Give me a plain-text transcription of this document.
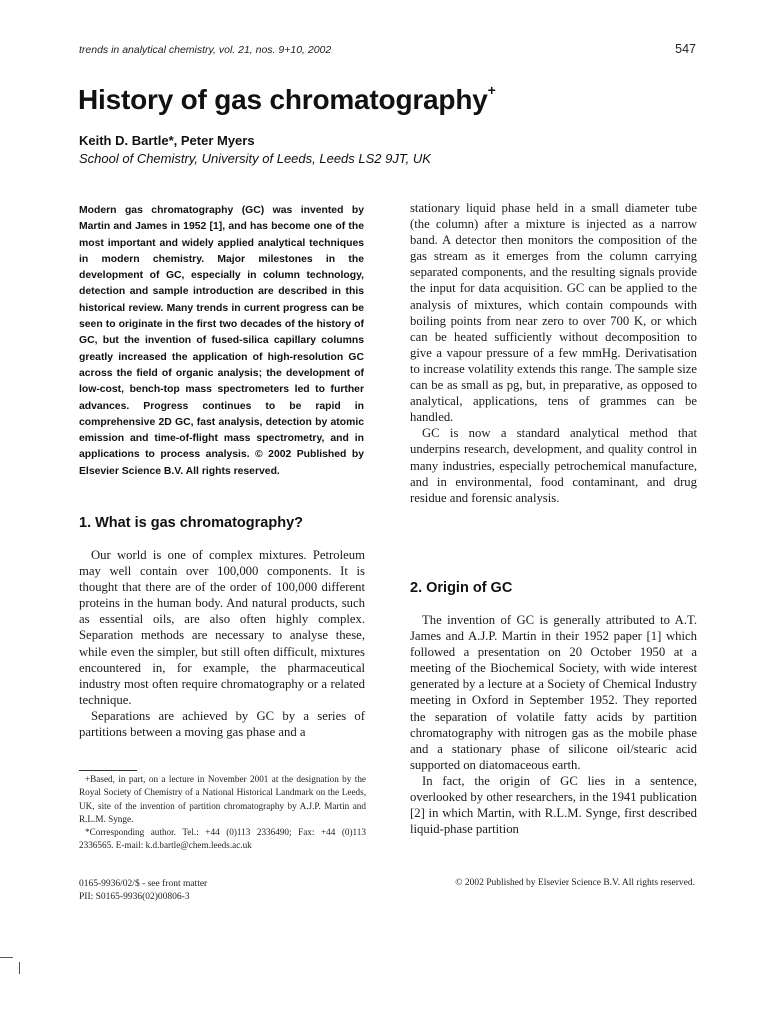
trends in analytical chemistry, vol. 21, nos. 9+10, 2002	547
History of gas chromatography+
Keith D. Bartle*, Peter Myers
School of Chemistry, University of Leeds, Leeds LS2 9JT, UK

Modern gas chromatography (GC) was invented by Martin and James in 1952 [1], and has become one of the most important and widely applied analytical techniques in modern chemistry. Major milestones in the development of GC, especially in column technology, detection and sample introduction are described in this historical review. Many trends in current progress can be seen to originate in the first two decades of the history of GC, but the invention of fused-silica capillary columns greatly increased the application of high-resolution GC across the field of organic analysis; the development of low-cost, bench-top mass spectrometers led to further advances. Progress continues to be rapid in comprehensive 2D GC, fast analysis, detection by atomic emission and time-of-flight mass spectrometry, and in applications to process analysis. © 2002 Published by Elsevier Science B.V. All rights reserved.

1. What is gas chromatography?

Our world is one of complex mixtures. Petroleum may well contain over 100,000 components. It is thought that there are of the order of 100,000 different proteins in the human body. And natural products, such as essential oils, are also often highly complex. Separation methods are necessary to analyse these, while even the simpler, but still often difficult, mixtures encountered in, for example, the pharmaceutical industry most often require chromatography or a related technique.

Separations are achieved by GC by a series of partitions between a moving gas phase and a

+Based, in part, on a lecture in November 2001 at the designation by the Royal Society of Chemistry of a National Historical Landmark on the Leeds, UK, site of the invention of partition chromatography by A.J.P. Martin and R.L.M. Synge.

*Corresponding author. Tel.: +44 (0)113 2336490; Fax: +44 (0)113 2336565. E-mail: k.d.bartle@chem.leeds.ac.uk

stationary liquid phase held in a small diameter tube (the column) after a mixture is injected as a narrow band. A detector then monitors the composition of the gas stream as it emerges from the column carrying separated components, and the resulting signals provide the input for data acquisition. GC can be applied to the analysis of mixtures, which contain compounds with boiling points from near zero to over 700 K, or which can be heated sufficiently without decomposition to give a vapour pressure of a few mmHg. Derivatisation to increase volatility extends this range. The sample size can be as small as pg, but, in preparative, as opposed to analytical, applications, tens of grammes can be handled.

GC is now a standard analytical method that underpins research, development, and quality control in many industries, especially petrochemical manufacture, and in environmental, food contaminant, and drug residue and forensic analysis.

2. Origin of GC

The invention of GC is generally attributed to A.T. James and A.J.P. Martin in their 1952 paper [1] which followed a presentation on 20 October 1950 at a meeting of the Biochemical Society, with wide interest generated by a lecture at a Society of Chemical Industry meeting in Oxford in September 1952. They reported the separation of volatile fatty acids by partition chromatography with nitrogen gas as the mobile phase and a stationary phase of silicone oil/stearic acid supported on diatomaceous earth.

In fact, the origin of GC lies in a sentence, overlooked by other researchers, in the 1941 publication [2] in which Martin, with R.L.M. Synge, first described liquid-phase partition

0165-9936/02/$ - see front matter
PII: S0165-9936(02)00806-3
© 2002 Published by Elsevier Science B.V. All rights reserved.
